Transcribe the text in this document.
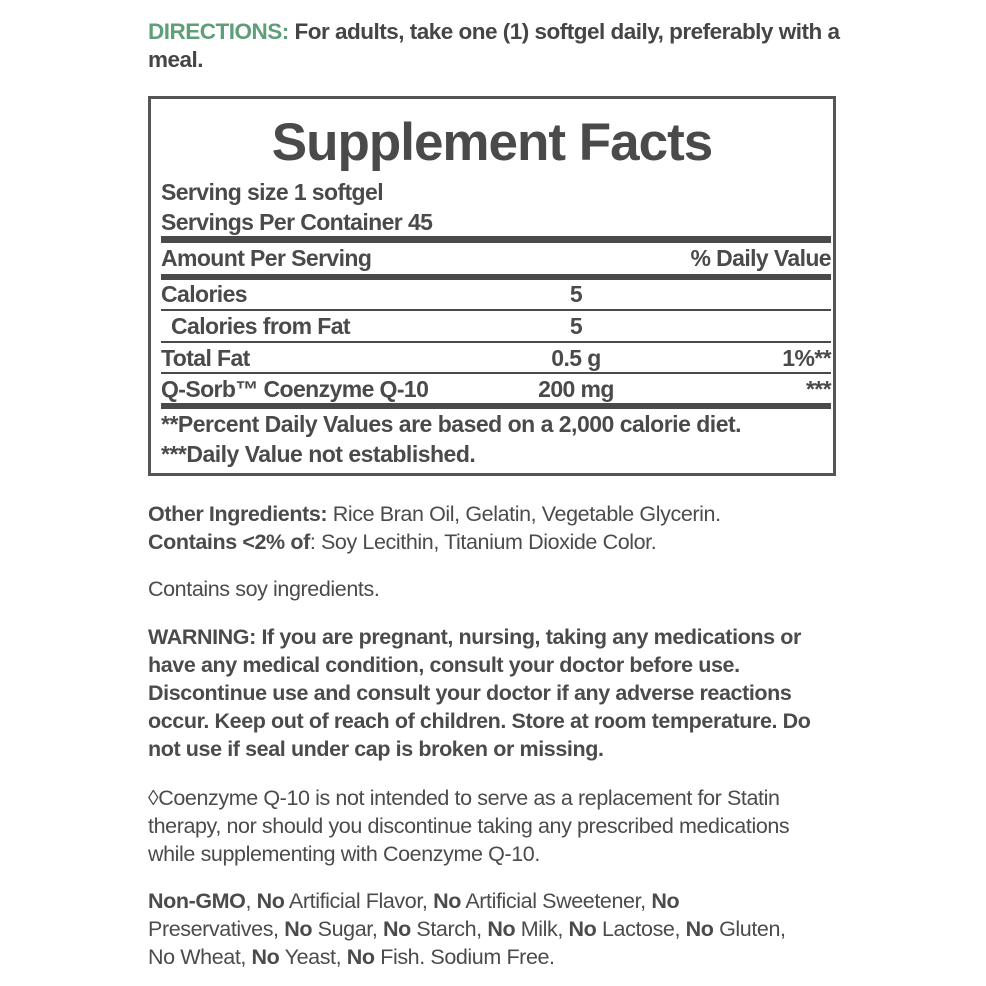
DIRECTIONS: For adults, take one (1) softgel daily, preferably with a meal.

Supplement Facts
Serving size 1 softgel
Servings Per Container 45
Amount Per Serving	% Daily Value
Calories	5
Calories from Fat	5
Total Fat	0.5 g	1%**
Q-Sorb™ Coenzyme Q-10	200 mg	***
**Percent Daily Values are based on a 2,000 calorie diet.
***Daily Value not established.

Other Ingredients: Rice Bran Oil, Gelatin, Vegetable Glycerin.
Contains <2% of: Soy Lecithin, Titanium Dioxide Color.

Contains soy ingredients.

WARNING: If you are pregnant, nursing, taking any medications or have any medical condition, consult your doctor before use. Discontinue use and consult your doctor if any adverse reactions occur. Keep out of reach of children. Store at room temperature. Do not use if seal under cap is broken or missing.

◊Coenzyme Q-10 is not intended to serve as a replacement for Statin therapy, nor should you discontinue taking any prescribed medications while supplementing with Coenzyme Q-10.

Non-GMO, No Artificial Flavor, No Artificial Sweetener, No Preservatives, No Sugar, No Starch, No Milk, No Lactose, No Gluten, No Wheat, No Yeast, No Fish. Sodium Free.
